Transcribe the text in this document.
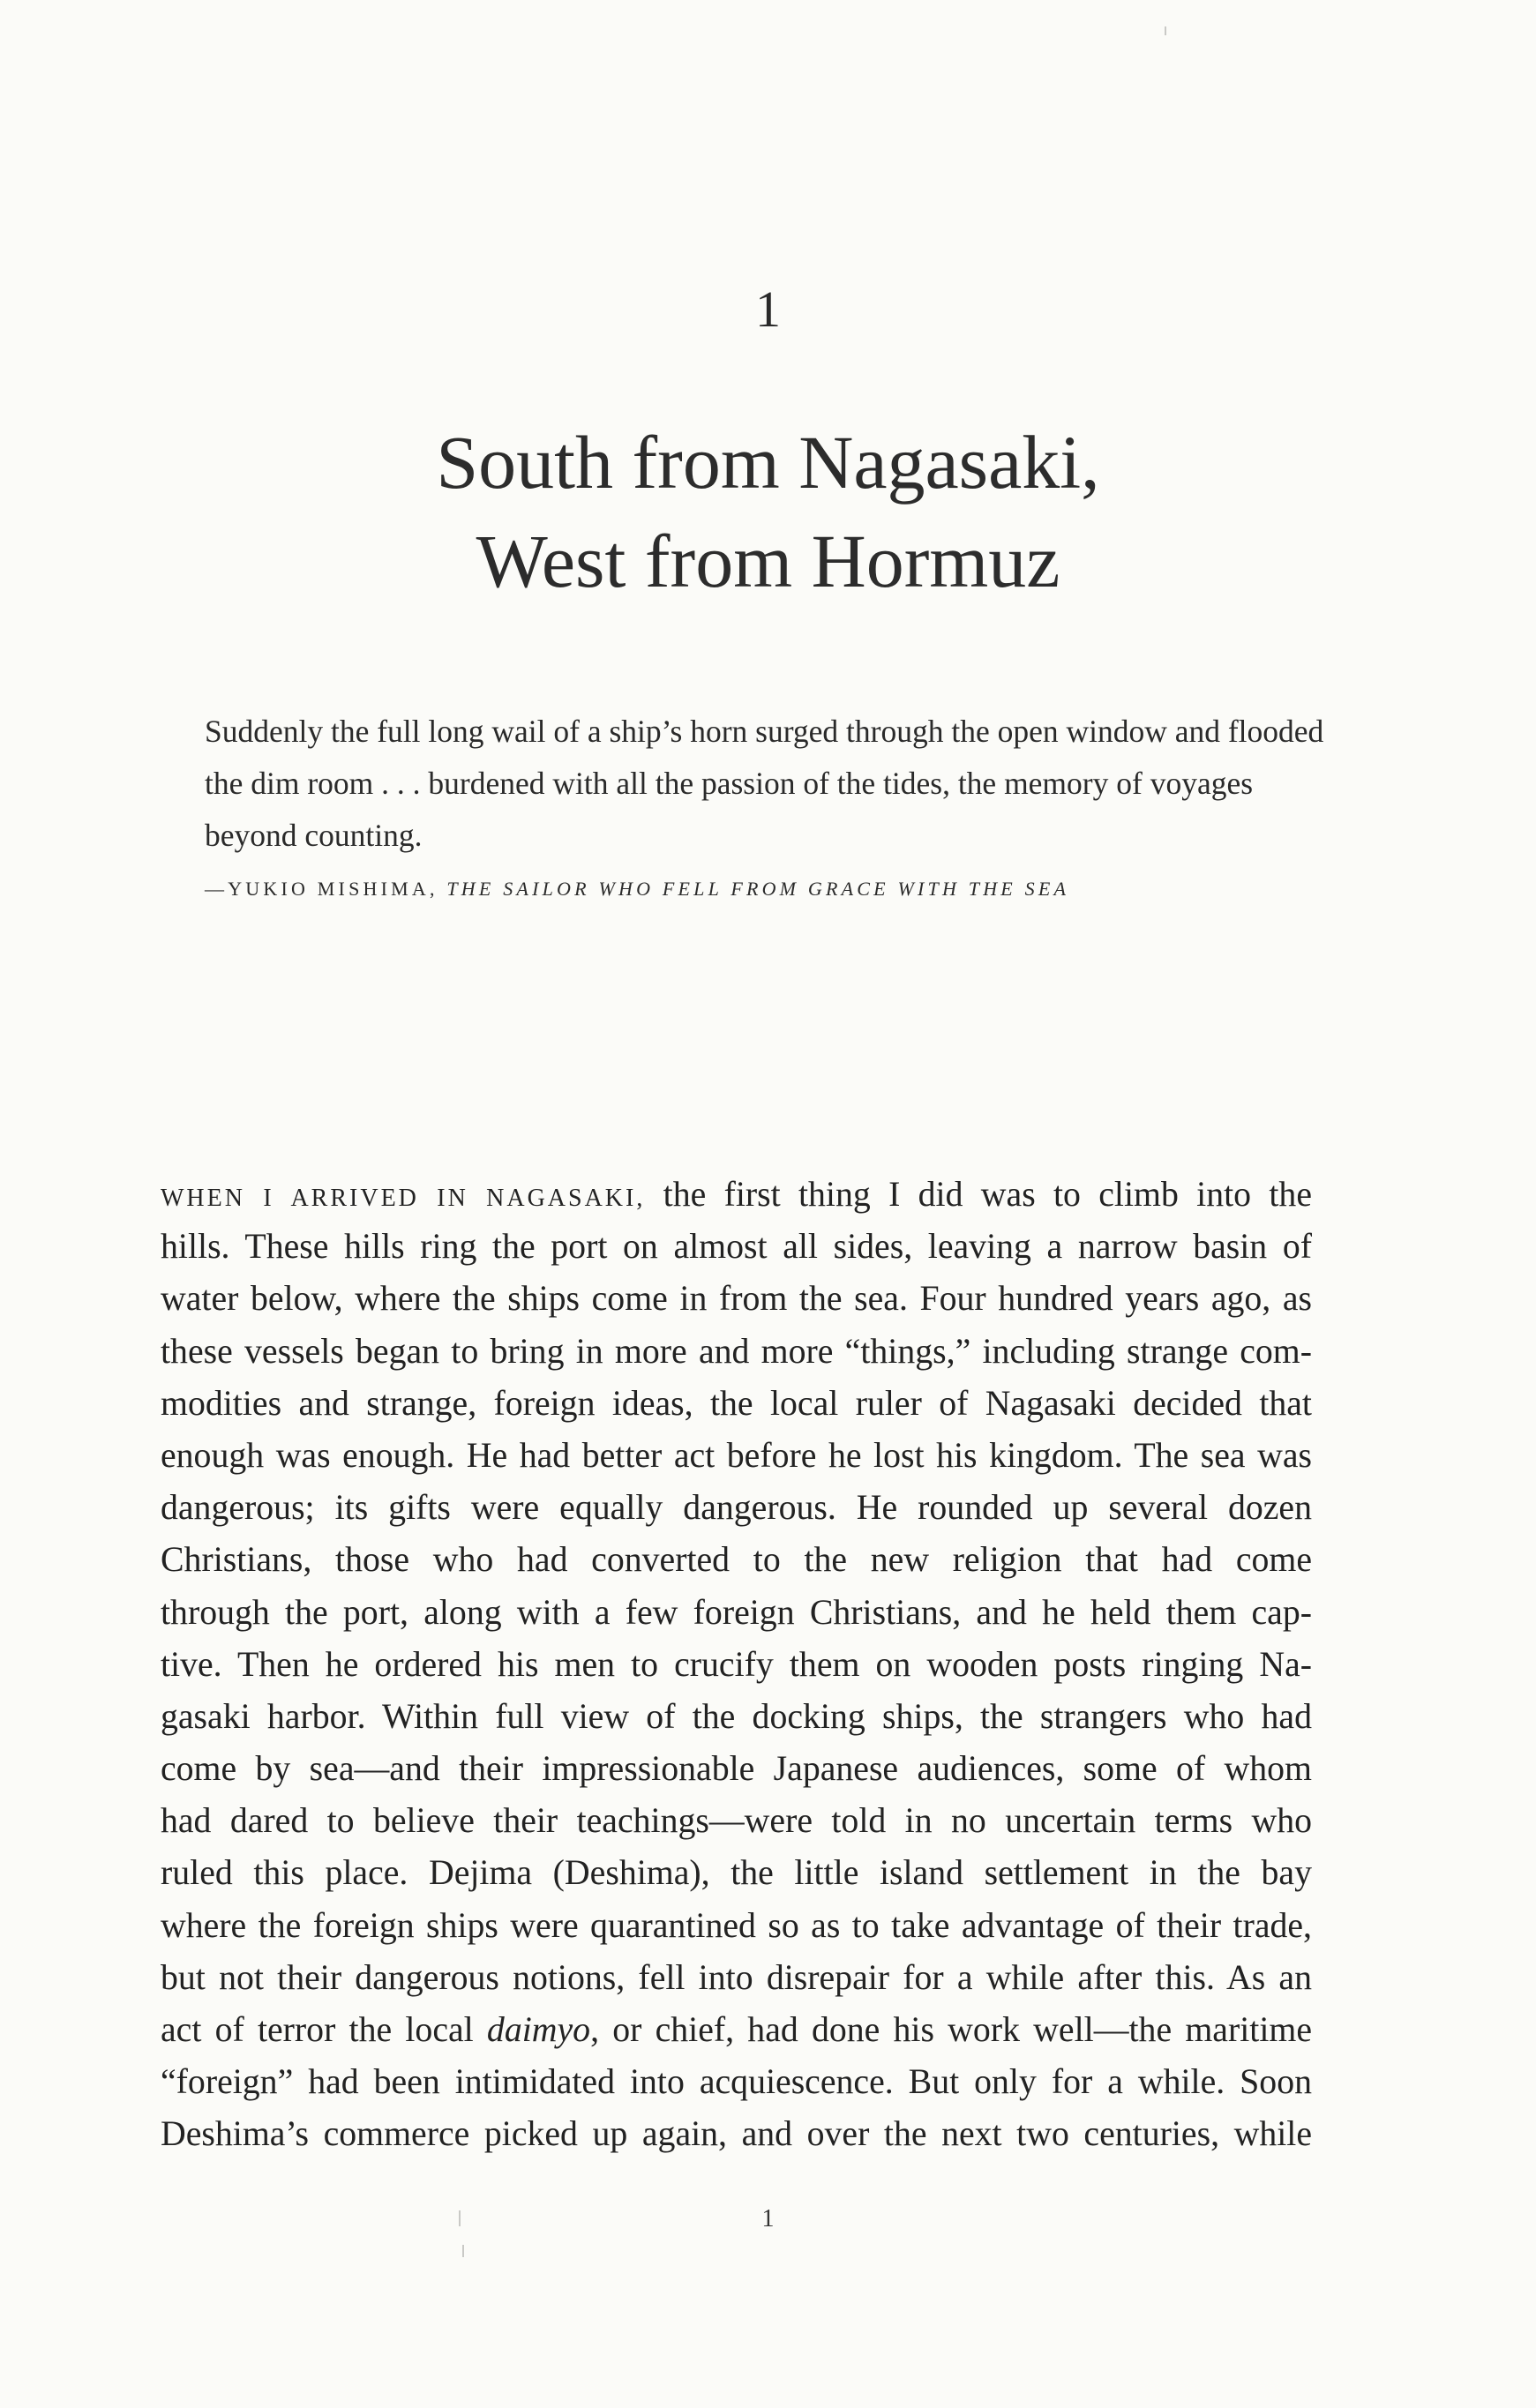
1
South from Nagasaki,
West from Hormuz
Suddenly the full long wail of a ship’s horn surged through the open window and flooded the dim room . . . burdened with all the passion of the tides, the memory of voyages beyond counting.
—YUKIO MISHIMA, THE SAILOR WHO FELL FROM GRACE WITH THE SEA
WHEN I ARRIVED IN NAGASAKI, the first thing I did was to climb into the
hills. These hills ring the port on almost all sides, leaving a narrow basin of
water below, where the ships come in from the sea. Four hundred years ago, as
these vessels began to bring in more and more “things,” including strange com-
modities and strange, foreign ideas, the local ruler of Nagasaki decided that
enough was enough. He had better act before he lost his kingdom. The sea was
dangerous; its gifts were equally dangerous. He rounded up several dozen
Christians, those who had converted to the new religion that had come
through the port, along with a few foreign Christians, and he held them cap-
tive. Then he ordered his men to crucify them on wooden posts ringing Na-
gasaki harbor. Within full view of the docking ships, the strangers who had
come by sea—and their impressionable Japanese audiences, some of whom
had dared to believe their teachings—were told in no uncertain terms who
ruled this place. Dejima (Deshima), the little island settlement in the bay
where the foreign ships were quarantined so as to take advantage of their trade,
but not their dangerous notions, fell into disrepair for a while after this. As an
act of terror the local daimyo, or chief, had done his work well—the maritime
“foreign” had been intimidated into acquiescence. But only for a while. Soon
Deshima’s commerce picked up again, and over the next two centuries, while
1
